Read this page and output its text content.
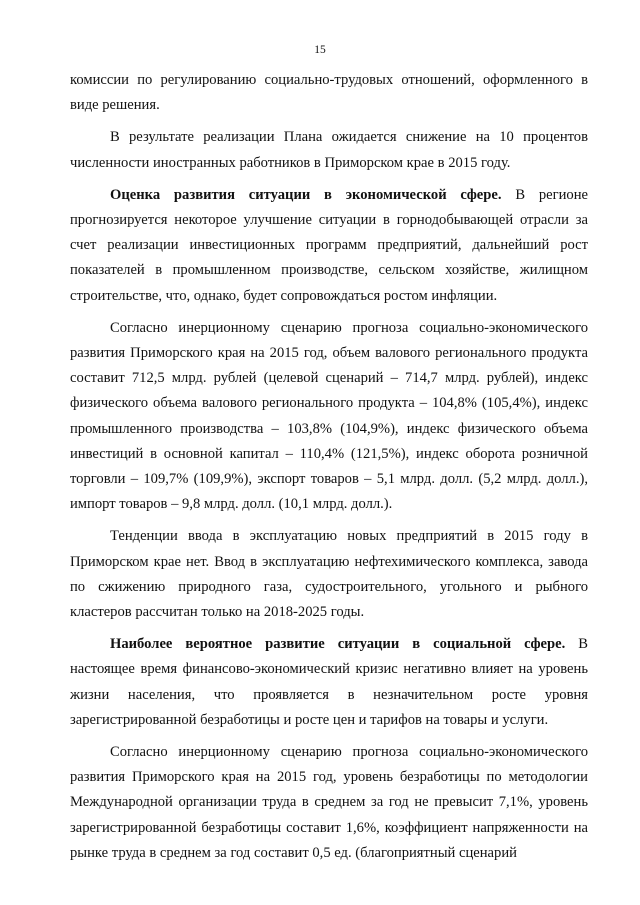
15

комиссии по регулированию социально-трудовых отношений, оформленного в виде решения.

В результате реализации Плана ожидается снижение на 10 процентов численности иностранных работников в Приморском крае в 2015 году.

Оценка развития ситуации в экономической сфере. В регионе прогнозируется некоторое улучшение ситуации в горнодобывающей отрасли за счет реализации инвестиционных программ предприятий, дальнейший рост показателей в промышленном производстве, сельском хозяйстве, жилищном строительстве, что, однако, будет сопровождаться ростом инфляции.

Согласно инерционному сценарию прогноза социально-экономического развития Приморского края на 2015 год, объем валового регионального продукта составит 712,5 млрд. рублей (целевой сценарий – 714,7 млрд. рублей), индекс физического объема валового регионального продукта – 104,8% (105,4%), индекс промышленного производства – 103,8% (104,9%), индекс физического объема инвестиций в основной капитал – 110,4% (121,5%), индекс оборота розничной торговли – 109,7% (109,9%), экспорт товаров – 5,1 млрд. долл. (5,2 млрд. долл.), импорт товаров – 9,8 млрд. долл. (10,1 млрд. долл.).

Тенденции ввода в эксплуатацию новых предприятий в 2015 году в Приморском крае нет. Ввод в эксплуатацию нефтехимического комплекса, завода по сжижению природного газа, судостроительного, угольного и рыбного кластеров рассчитан только на 2018-2025 годы.

Наиболее вероятное развитие ситуации в социальной сфере. В настоящее время финансово-экономический кризис негативно влияет на уровень жизни населения, что проявляется в незначительном росте уровня зарегистрированной безработицы и росте цен и тарифов на товары и услуги.

Согласно инерционному сценарию прогноза социально-экономического развития Приморского края на 2015 год, уровень безработицы по методологии Международной организации труда в среднем за год не превысит 7,1%, уровень зарегистрированной безработицы составит 1,6%, коэффициент напряженности на рынке труда в среднем за год составит 0,5 ед. (благоприятный сценарий
